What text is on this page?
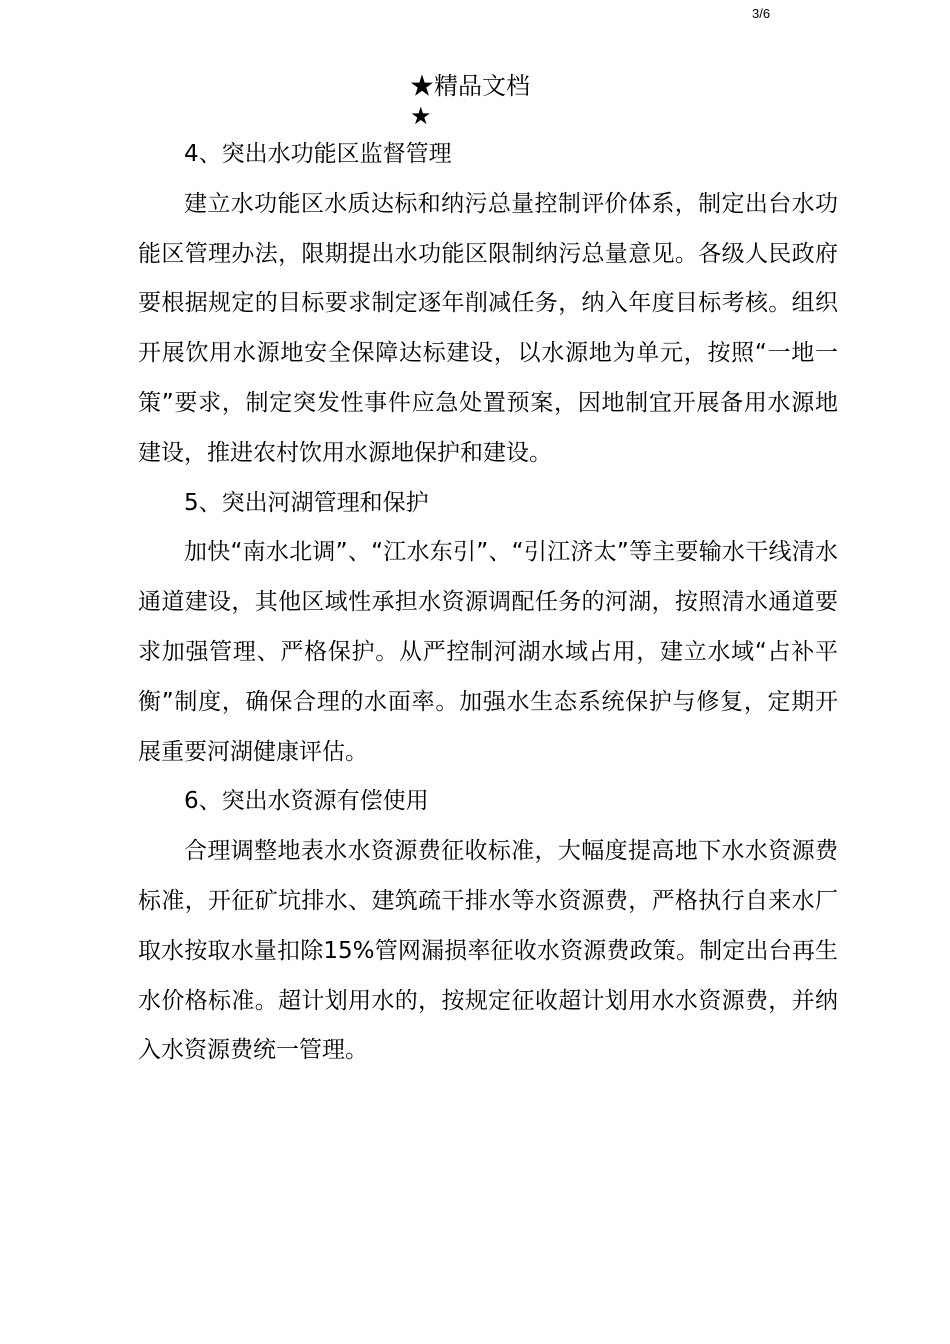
3/6
★精品文档
★

4、突出水功能区监督管理

建立水功能区水质达标和纳污总量控制评价体系，制定出台水功能区管理办法，限期提出水功能区限制纳污总量意见。各级人民政府要根据规定的目标要求制定逐年削减任务，纳入年度目标考核。组织开展饮用水源地安全保障达标建设，以水源地为单元，按照“一地一策”要求，制定突发性事件应急处置预案，因地制宜开展备用水源地建设，推进农村饮用水源地保护和建设。

5、突出河湖管理和保护

加快“南水北调”、“江水东引”、“引江济太”等主要输水干线清水通道建设，其他区域性承担水资源调配任务的河湖，按照清水通道要求加强管理、严格保护。从严控制河湖水域占用，建立水域“占补平衡”制度，确保合理的水面率。加强水生态系统保护与修复，定期开展重要河湖健康评估。

6、突出水资源有偿使用

合理调整地表水水资源费征收标准，大幅度提高地下水水资源费标准，开征矿坑排水、建筑疏干排水等水资源费，严格执行自来水厂取水按取水量扣除15%管网漏损率征收水资源费政策。制定出台再生水价格标准。超计划用水的，按规定征收超计划用水水资源费，并纳入水资源费统一管理。
